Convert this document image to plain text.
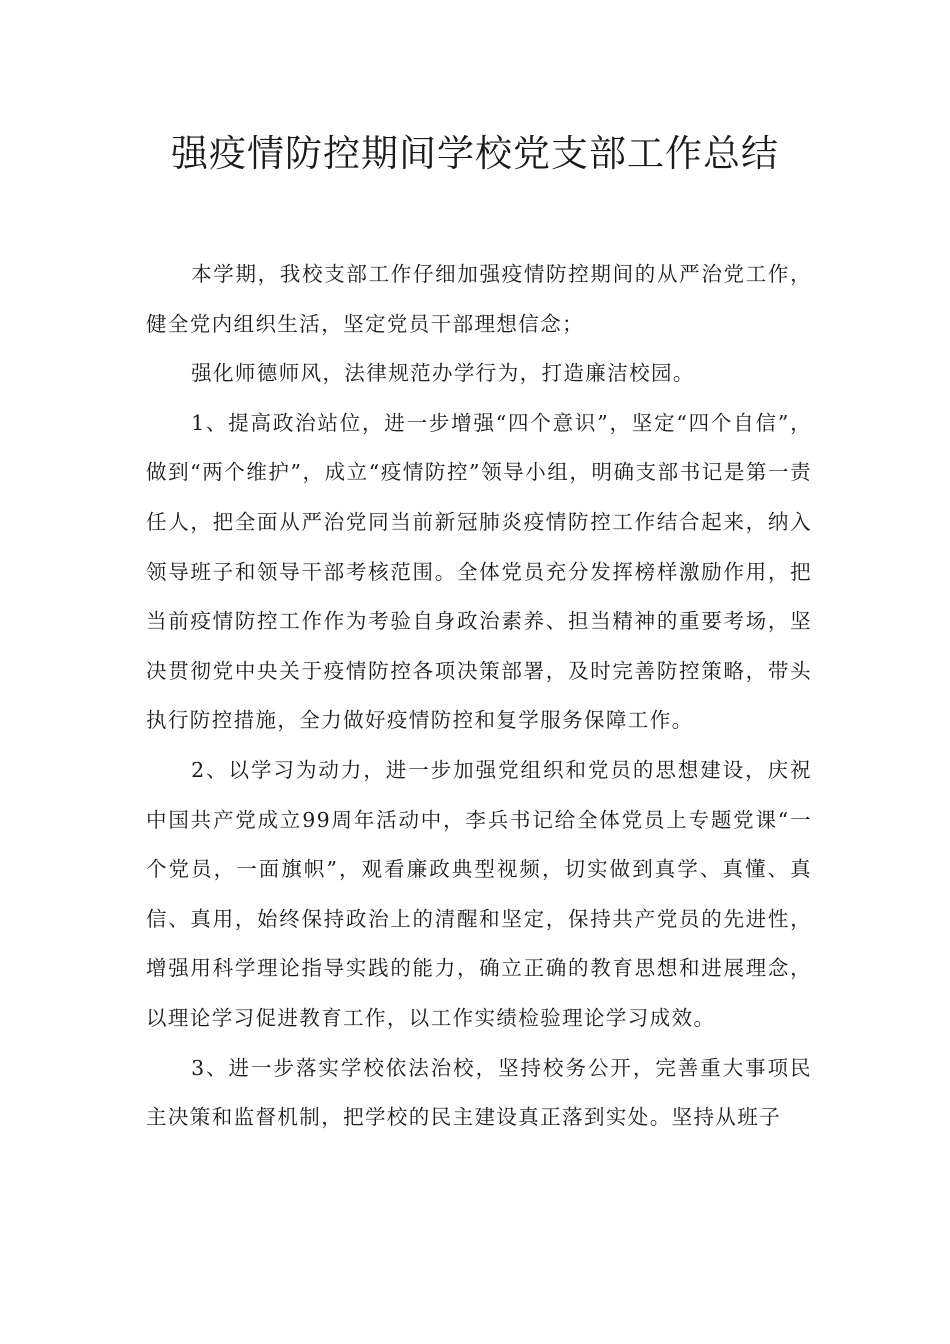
强疫情防控期间学校党支部工作总结

本学期，我校支部工作仔细加强疫情防控期间的从严治党工作，健全党内组织生活，坚定党员干部理想信念；

强化师德师风，法律规范办学行为，打造廉洁校园。

1、提高政治站位，进一步增强“四个意识”，坚定“四个自信”，做到“两个维护”，成立“疫情防控”领导小组，明确支部书记是第一责任人，把全面从严治党同当前新冠肺炎疫情防控工作结合起来，纳入领导班子和领导干部考核范围。全体党员充分发挥榜样激励作用，把当前疫情防控工作作为考验自身政治素养、担当精神的重要考场，坚决贯彻党中央关于疫情防控各项决策部署，及时完善防控策略，带头执行防控措施，全力做好疫情防控和复学服务保障工作。

2、以学习为动力，进一步加强党组织和党员的思想建设，庆祝中国共产党成立99周年活动中，李兵书记给全体党员上专题党课“一个党员，一面旗帜”，观看廉政典型视频，切实做到真学、真懂、真信、真用，始终保持政治上的清醒和坚定，保持共产党员的先进性，增强用科学理论指导实践的能力，确立正确的教育思想和进展理念，以理论学习促进教育工作，以工作实绩检验理论学习成效。

3、进一步落实学校依法治校，坚持校务公开，完善重大事项民主决策和监督机制，把学校的民主建设真正落到实处。坚持从班子
